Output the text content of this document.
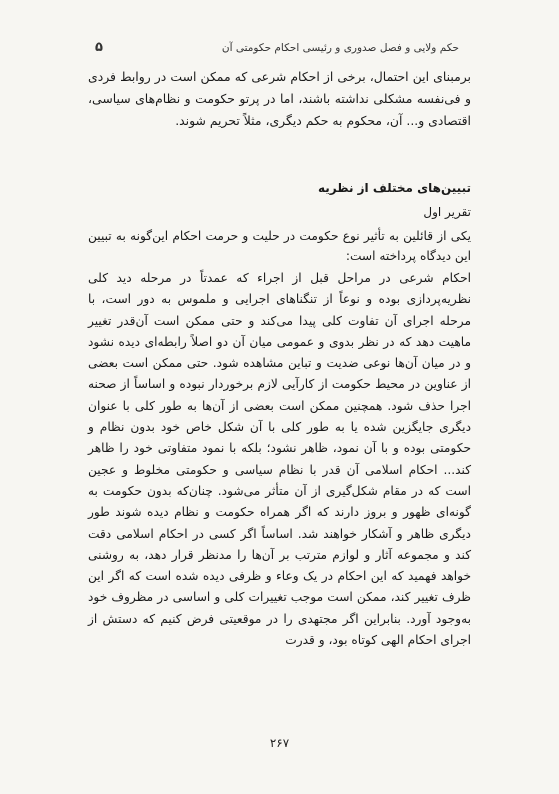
حکم ولایی و فصل صدوری و رئیسی احکام حکومتی آن
۵

برمبنای این احتمال، برخی از احکام شرعی که ممکن است در روابط فردی و فی‌نفسه مشکلی نداشته باشند، اما در پرتو حکومت و نظام‌های سیاسی، اقتصادی و... آن، محکوم به حکم دیگری، مثلاً تحریم شوند.

تبیین‌های مختلف از نظریه
تقریر اول

یکی از قائلین به تأثیر نوع حکومت در حلیت و حرمت احکام این‌گونه به تبیین این دیدگاه پرداخته است:

احکام شرعی در مراحل قبل از اجراء که عمدتاً در مرحله دید کلی نظریه‌پردازی بوده و نوعاً از تنگناهای اجرایی و ملموس به دور است، با مرحله اجرای آن تفاوت کلی پیدا می‌کند و حتی ممکن است آن‌قدر تغییر ماهیت دهد که در نظر بدوی و عمومی میان آن دو اصلاً رابطه‌ای دیده نشود و در میان آن‌ها نوعی ضدیت و تباین مشاهده شود. حتی ممکن است بعضی از عناوین در محیط حکومت از کارآیی لازم برخوردار نبوده و اساساً از صحنه اجرا حذف شود. همچنین ممکن است بعضی از آن‌ها به طور کلی با عنوان دیگری جایگزین شده یا به طور کلی با آن شکل خاص خود بدون نظام و حکومتی بوده و با آن نمود، ظاهر نشود؛ بلکه با نمود متفاوتی خود را ظاهر کند... احکام اسلامی آن قدر با نظام سیاسی و حکومتی مخلوط و عجین است که در مقام شکل‌گیری از آن متأثر می‌شود. چنان‌که بدون حکومت به گونه‌ای ظهور و بروز دارند که اگر همراه حکومت و نظام دیده شوند طور دیگری ظاهر و آشکار خواهند شد. اساساً اگر کسی در احکام اسلامی دقت کند و مجموعه آثار و لوازم مترتب بر آن‌ها را مدنظر قرار دهد، به روشنی خواهد فهمید که این احکام در یک وعاء و ظرفی دیده شده است که اگر این ظرف تغییر کند، ممکن است موجب تغییرات کلی و اساسی در مظروف خود به‌وجود آورد. بنابراین اگر مجتهدی را در موقعیتی فرض کنیم که دستش از اجرای احکام الهی کوتاه بود، و قدرت

۲۶۷
